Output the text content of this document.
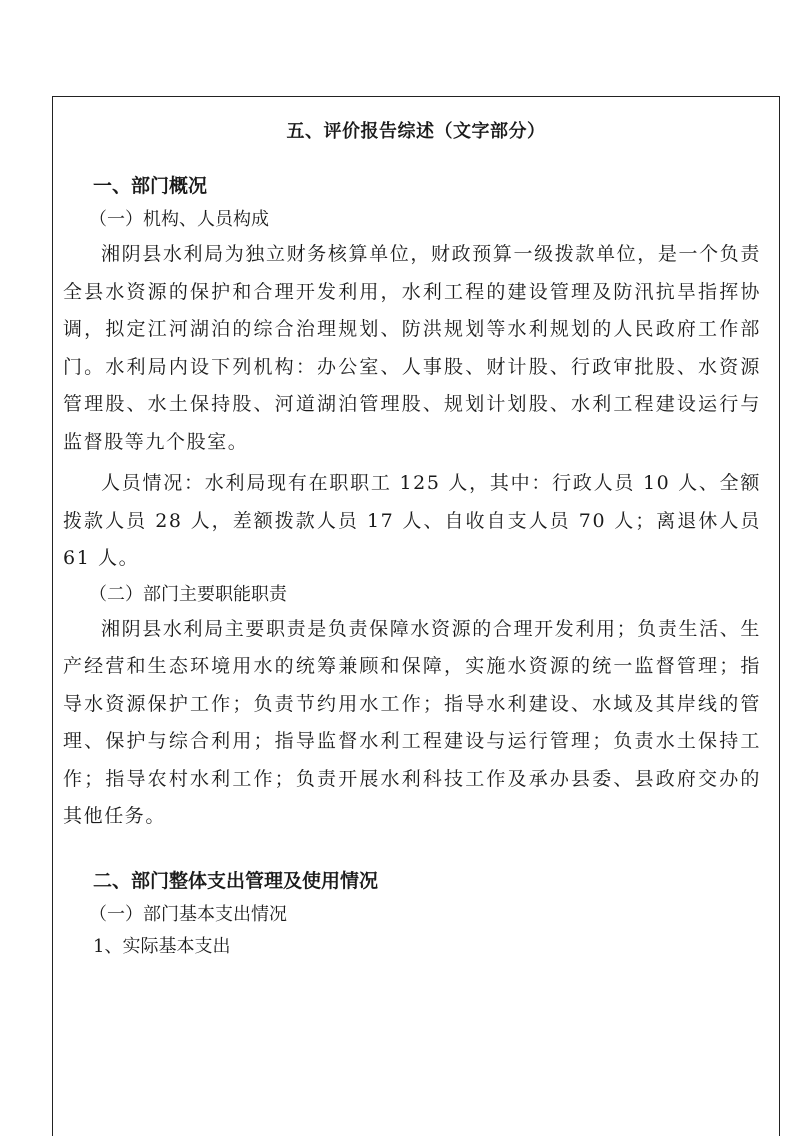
五、评价报告综述（文字部分）
一、部门概况
（一）机构、人员构成

湘阴县水利局为独立财务核算单位，财政预算一级拨款单位，是一个负责全县水资源的保护和合理开发利用，水利工程的建设管理及防汛抗旱指挥协调，拟定江河湖泊的综合治理规划、防洪规划等水利规划的人民政府工作部门。水利局内设下列机构：办公室、人事股、财计股、行政审批股、水资源管理股、水土保持股、河道湖泊管理股、规划计划股、水利工程建设运行与监督股等九个股室。

人员情况：水利局现有在职职工 125 人，其中：行政人员 10 人、全额拨款人员 28 人，差额拨款人员 17 人、自收自支人员 70 人；离退休人员 61 人。

（二）部门主要职能职责

湘阴县水利局主要职责是负责保障水资源的合理开发利用；负责生活、生产经营和生态环境用水的统筹兼顾和保障，实施水资源的统一监督管理；指导水资源保护工作；负责节约用水工作；指导水利建设、水域及其岸线的管理、保护与综合利用；指导监督水利工程建设与运行管理；负责水土保持工作；指导农村水利工作；负责开展水利科技工作及承办县委、县政府交办的其他任务。

二、部门整体支出管理及使用情况
（一）部门基本支出情况
1、实际基本支出
